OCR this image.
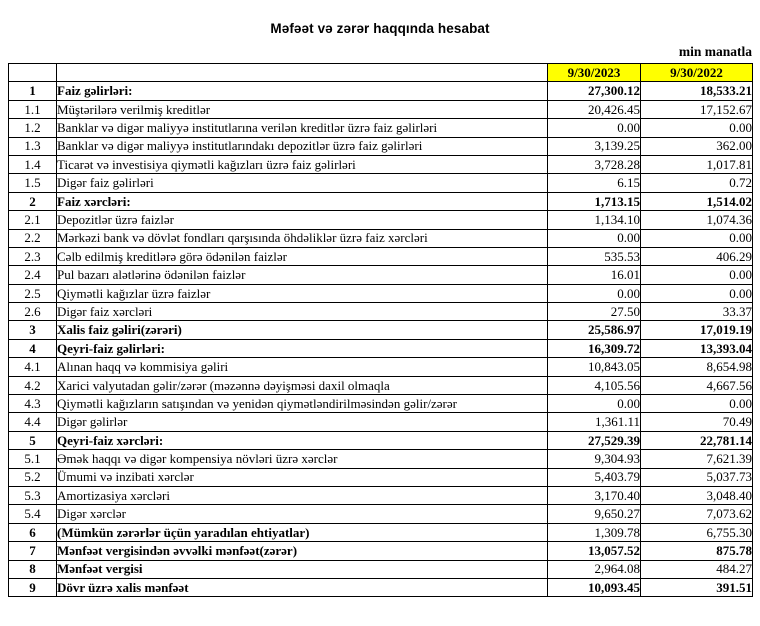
Məfəət və zərər haqqında hesabat
min manatla
		9/30/2023	9/30/2022
1	Faiz gəlirləri:	27,300.12	18,533.21
1.1	Müştərilərə verilmiş kreditlər	20,426.45	17,152.67
1.2	Banklar və digər maliyyə institutlarına verilən kreditlər üzrə faiz gəlirləri	0.00	0.00
1.3	Banklar və digər maliyyə institutlarındakı depozitlər üzrə faiz gəlirləri	3,139.25	362.00
1.4	Ticarət və investisiya qiymətli kağızları üzrə faiz gəlirləri	3,728.28	1,017.81
1.5	Digər faiz gəlirləri	6.15	0.72
2	Faiz xərcləri:	1,713.15	1,514.02
2.1	Depozitlər üzrə faizlər	1,134.10	1,074.36
2.2	Mərkəzi bank və dövlət fondları qarşısında öhdəliklər üzrə faiz xərcləri	0.00	0.00
2.3	Cəlb edilmiş kreditlərə görə ödənilən faizlər	535.53	406.29
2.4	Pul bazarı alətlərinə ödənilən faizlər	16.01	0.00
2.5	Qiymətli kağızlar üzrə faizlər	0.00	0.00
2.6	Digər faiz xərcləri	27.50	33.37
3	Xalis faiz gəliri(zərəri)	25,586.97	17,019.19
4	Qeyri-faiz gəlirləri:	16,309.72	13,393.04
4.1	Alınan haqq və kommisiya gəliri	10,843.05	8,654.98
4.2	Xarici valyutadan gəlir/zərər (məzənnə dəyişməsi daxil olmaqla	4,105.56	4,667.56
4.3	Qiymətli kağızların satışından və yenidən qiymətləndirilməsindən gəlir/zərər	0.00	0.00
4.4	Digər gəlirlər	1,361.11	70.49
5	Qeyri-faiz xərcləri:	27,529.39	22,781.14
5.1	Əmək haqqı və digər kompensiya növləri üzrə xərclər	9,304.93	7,621.39
5.2	Ümumi və inzibati xərclər	5,403.79	5,037.73
5.3	Amortizasiya xərcləri	3,170.40	3,048.40
5.4	Digər xərclər	9,650.27	7,073.62
6	(Mümkün zərərlər üçün yaradılan ehtiyatlar)	1,309.78	6,755.30
7	Mənfəət vergisindən əvvəlki mənfəət(zərər)	13,057.52	875.78
8	Mənfəət vergisi	2,964.08	484.27
9	Dövr üzrə xalis mənfəət	10,093.45	391.51
